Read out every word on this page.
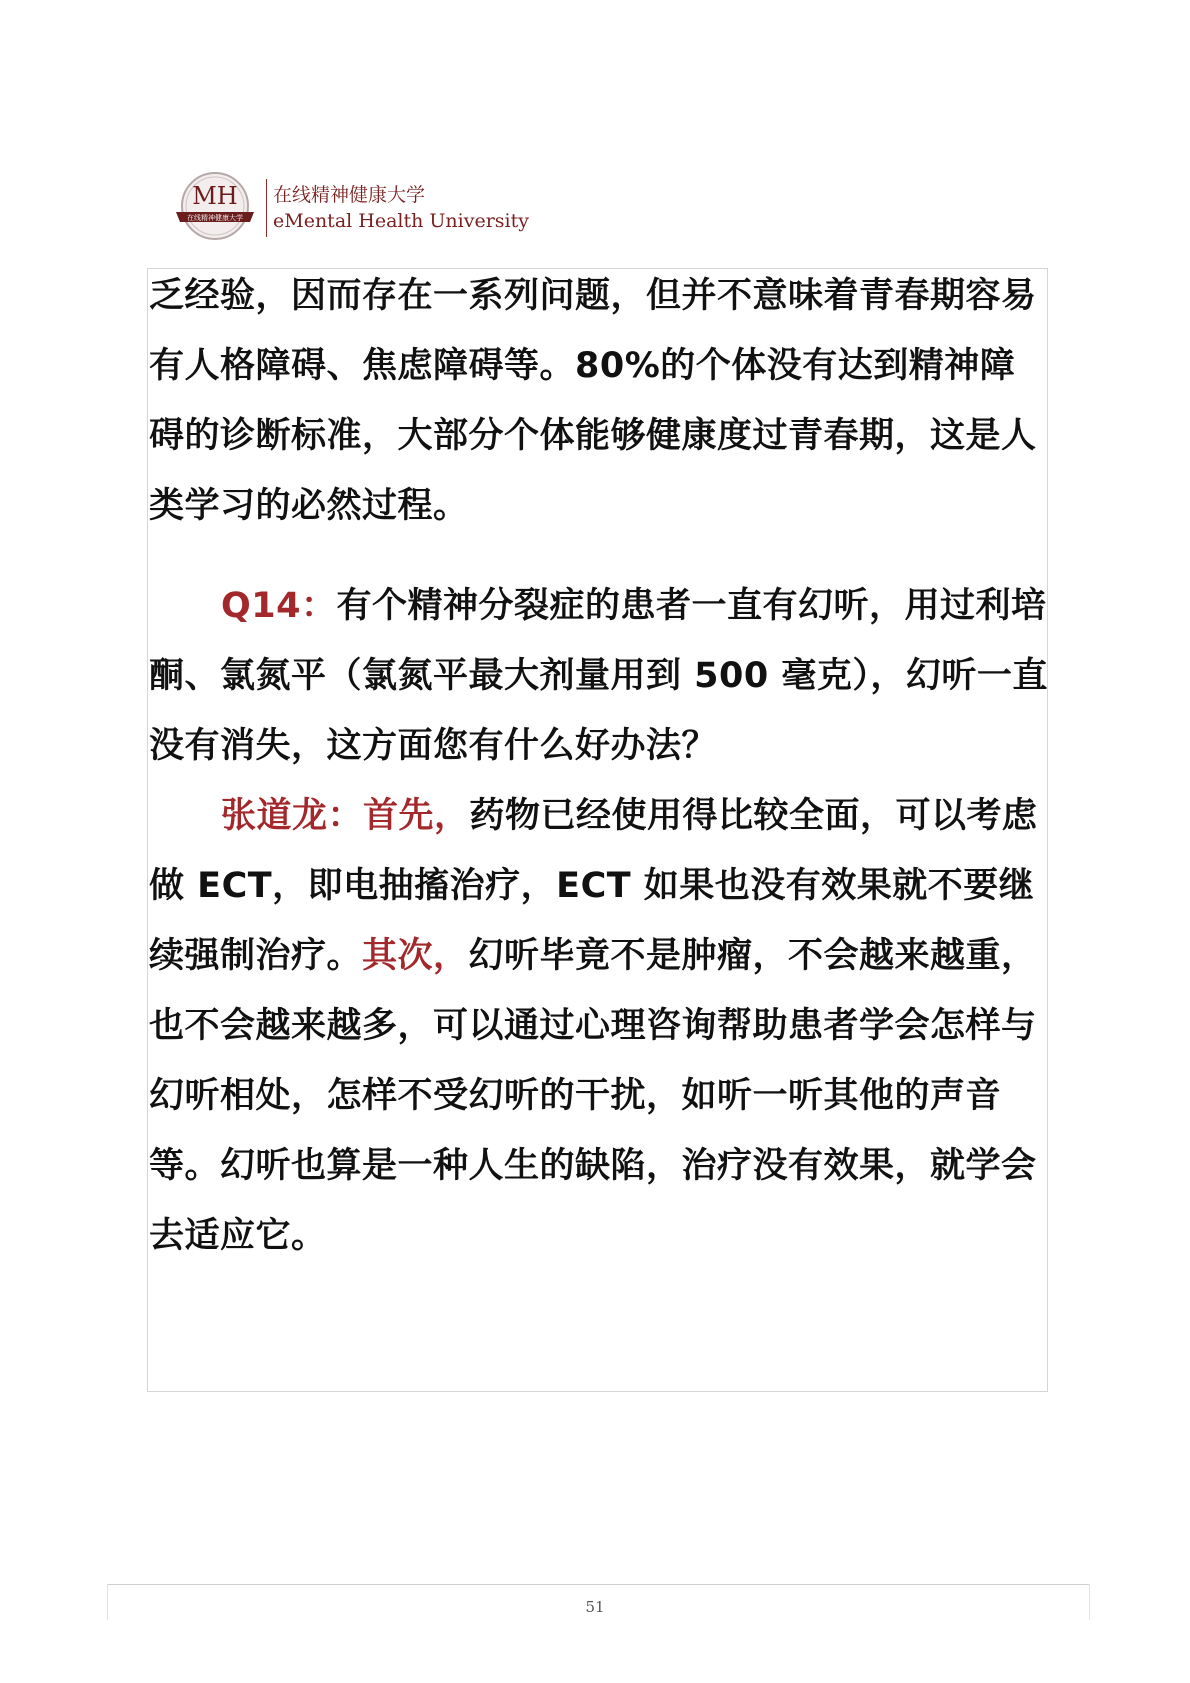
MH
在线精神健康大学
在线精神健康大学
eMental Health University

乏经验，因而存在一系列问题，但并不意味着青春期容易有人格障碍、焦虑障碍等。80%的个体没有达到精神障碍的诊断标准，大部分个体能够健康度过青春期，这是人类学习的必然过程。

Q14：有个精神分裂症的患者一直有幻听，用过利培酮、氯氮平（氯氮平最大剂量用到 500 毫克），幻听一直没有消失，这方面您有什么好办法？

张道龙：首先，药物已经使用得比较全面，可以考虑做 ECT，即电抽搐治疗，ECT 如果也没有效果就不要继续强制治疗。其次，幻听毕竟不是肿瘤，不会越来越重，也不会越来越多，可以通过心理咨询帮助患者学会怎样与幻听相处，怎样不受幻听的干扰，如听一听其他的声音等。幻听也算是一种人生的缺陷，治疗没有效果，就学会去适应它。

51
